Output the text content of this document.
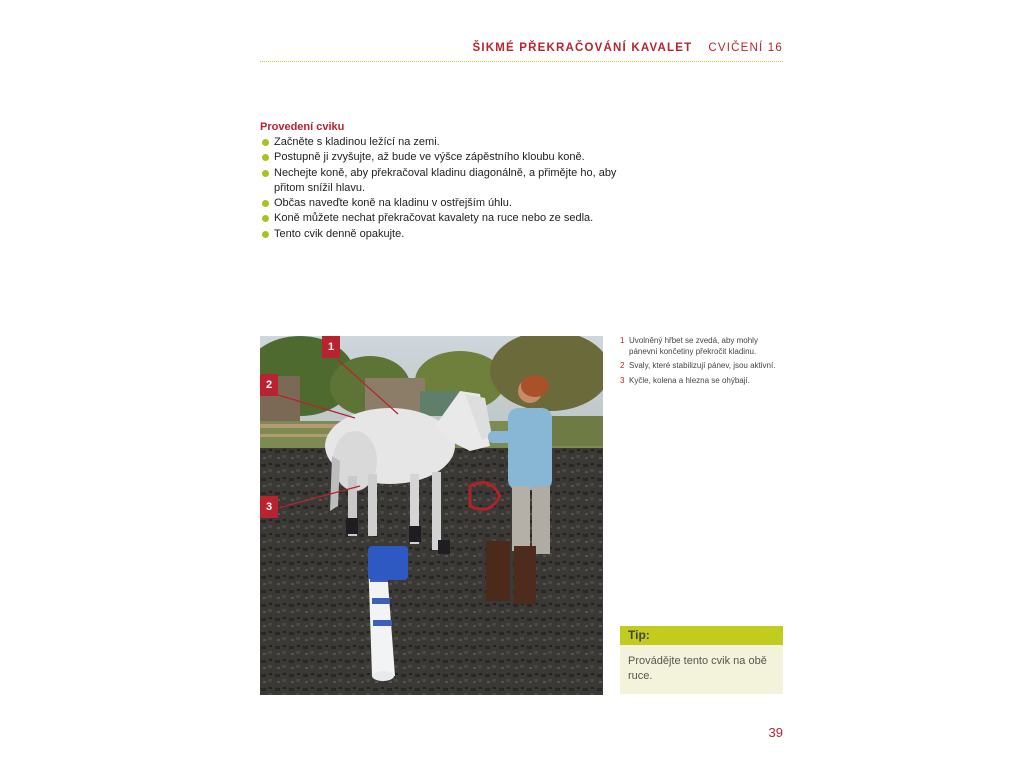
ŠIKMÉ PŘEKRAČOVÁNÍ KAVALET CVIČENÍ 16
Provedení cviku
Začněte s kladinou ležící na zemi.
Postupně ji zvyšujte, až bude ve výšce zápěstního kloubu koně.
Nechejte koně, aby překračoval kladinu diagonálně, a přimějte ho, aby přitom snížil hlavu.
Občas naveďte koně na kladinu v ostřejším úhlu.
Koně můžete nechat překračovat kavalety na ruce nebo ze sedla.
Tento cvik denně opakujte.
1
2
3
1 Uvolněný hřbet se zvedá, aby mohly pánevní končetiny překročit kladinu.
2 Svaly, které stabilizují pánev, jsou aktivní.
3 Kyčle, kolena a hlezna se ohýbají.
Tip:
Provádějte tento cvik na obě ruce.
39
